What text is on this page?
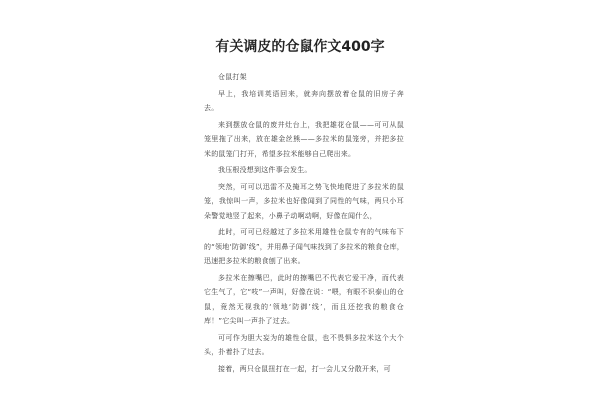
有关调皮的仓鼠作文400字

仓鼠打架

早上，我培训英语回来，就奔向摆放着仓鼠的旧房子奔去。

来到摆放仓鼠的废井灶台上，我把雄花仓鼠——可可从鼠笼里拖了出来，放在雄金丝熊——多拉米的鼠笼旁，并把多拉米的鼠笼门打开，希望多拉米能够自己爬出来。

我压根没想到这件事会发生。

突然，可可以迅雷不及掩耳之势飞快地爬进了多拉米的鼠笼，我惊叫一声，多拉米也好像闻到了同性的气味，两只小耳朵警觉地竖了起来，小鼻子动啊动啊，好像在闻什么，

此时，可可已经越过了多拉米用雄性仓鼠专有的气味布下的“领地‘防御’线”，并用鼻子闻气味找到了多拉米的粮食仓库，迅速把多拉米的粮食刨了出来。

多拉米在擦嘴巴，此时的擦嘴巴不代表它爱干净，而代表它生气了，它“吱”一声叫，好像在说：“喂，有眼不识泰山的仓鼠，竟然无视我的‘领地‘防御’线’，而且还挖我的粮食仓库！”它尖叫一声扑了过去。

可可作为胆大妄为的雄性仓鼠，也不畏惧多拉米这个大个头，扑着扑了过去。

接着，两只仓鼠扭打在一起，打一会儿又分散开来，可
